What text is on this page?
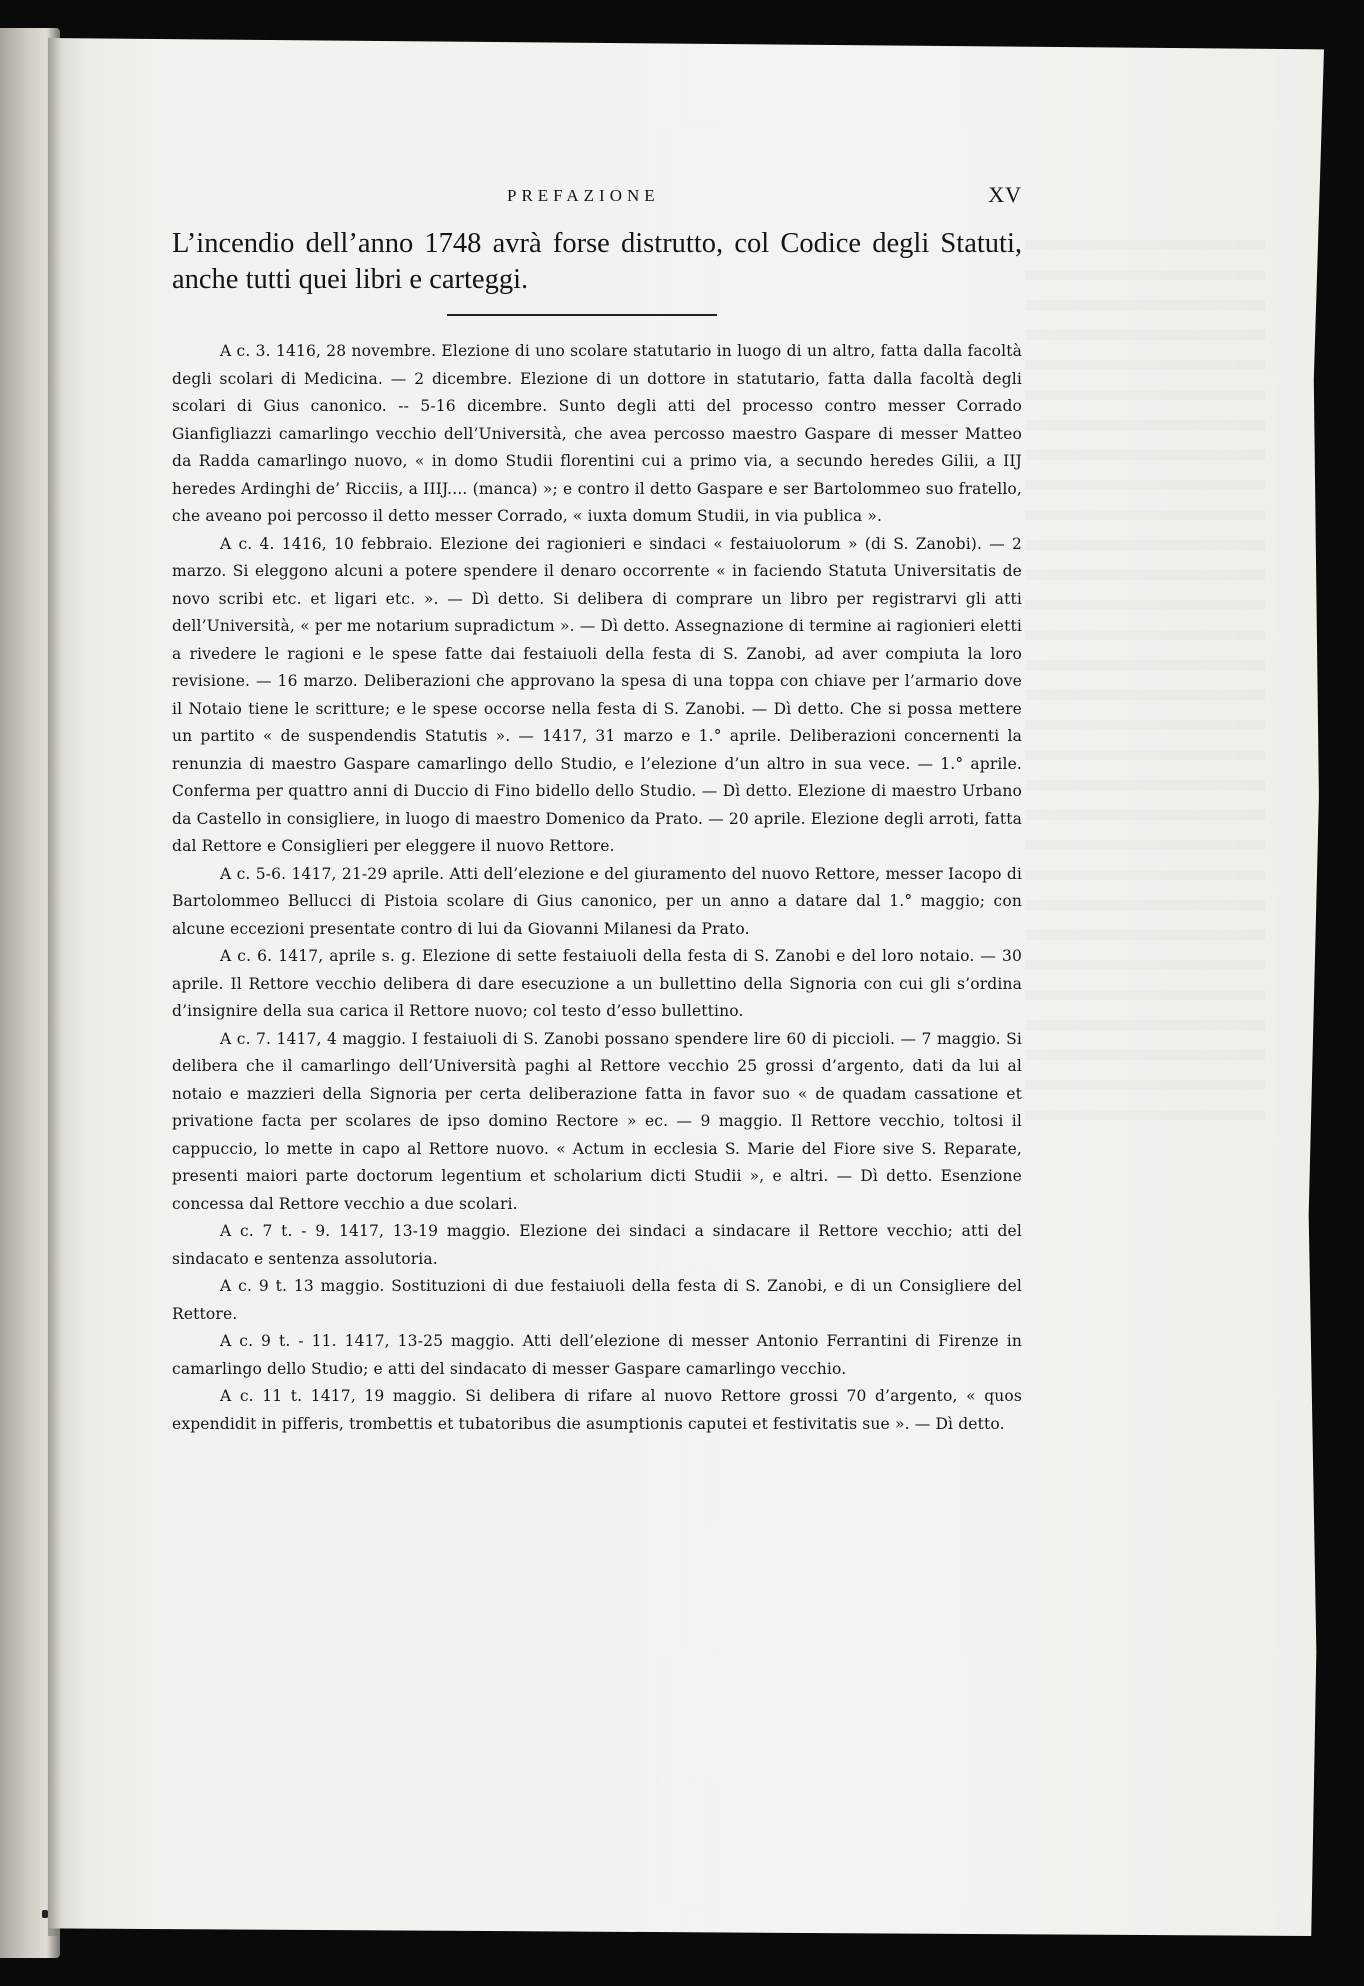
PREFAZIONE	XV
L’incendio dell’anno 1748 avrà forse distrutto, col Codice degli Statuti, anche tutti quei libri e carteggi.

A c. 3. 1416, 28 novembre. Elezione di uno scolare statutario in luogo di un altro, fatta dalla facoltà degli scolari di Medicina. — 2 dicembre. Elezione di un dottore in statutario, fatta dalla facoltà degli scolari di Gius canonico. -- 5-16 dicembre. Sunto degli atti del processo contro messer Corrado Gianfigliazzi camarlingo vecchio dell’Università, che avea percosso maestro Gaspare di messer Matteo da Radda camarlingo nuovo, « in domo Studii florentini cui a primo via, a secundo heredes Gilii, a IIJ heredes Ardinghi de’ Ricciis, a IIIJ.... (manca) »; e contro il detto Gaspare e ser Bartolommeo suo fratello, che aveano poi percosso il detto messer Corrado, « iuxta domum Studii, in via publica ».

A c. 4. 1416, 10 febbraio. Elezione dei ragionieri e sindaci « festaiuolorum » (di S. Zanobi). — 2 marzo. Si eleggono alcuni a potere spendere il denaro occorrente « in faciendo Statuta Universitatis de novo scribi etc. et ligari etc. ». — Dì detto. Si delibera di comprare un libro per registrarvi gli atti dell’Università, « per me notarium supradictum ». — Dì detto. Assegnazione di termine ai ragionieri eletti a rivedere le ragioni e le spese fatte dai festaiuoli della festa di S. Zanobi, ad aver compiuta la loro revisione. — 16 marzo. Deliberazioni che approvano la spesa di una toppa con chiave per l’armario dove il Notaio tiene le scritture; e le spese occorse nella festa di S. Zanobi. — Dì detto. Che si possa mettere un partito « de suspendendis Statutis ». — 1417, 31 marzo e 1.° aprile. Deliberazioni concernenti la renunzia di maestro Gaspare camarlingo dello Studio, e l’elezione d’un altro in sua vece. — 1.° aprile. Conferma per quattro anni di Duccio di Fino bidello dello Studio. — Dì detto. Elezione di maestro Urbano da Castello in consigliere, in luogo di maestro Domenico da Prato. — 20 aprile. Elezione degli arroti, fatta dal Rettore e Consiglieri per eleggere il nuovo Rettore.

A c. 5-6. 1417, 21-29 aprile. Atti dell’elezione e del giuramento del nuovo Rettore, messer Iacopo di Bartolommeo Bellucci di Pistoia scolare di Gius canonico, per un anno a datare dal 1.° maggio; con alcune eccezioni presentate contro di lui da Giovanni Milanesi da Prato.

A c. 6. 1417, aprile s. g. Elezione di sette festaiuoli della festa di S. Zanobi e del loro notaio. — 30 aprile. Il Rettore vecchio delibera di dare esecuzione a un bullettino della Signoria con cui gli s’ordina d’insignire della sua carica il Rettore nuovo; col testo d’esso bullettino.

A c. 7. 1417, 4 maggio. I festaiuoli di S. Zanobi possano spendere lire 60 di piccioli. — 7 maggio. Si delibera che il camarlingo dell’Università paghi al Rettore vecchio 25 grossi d’argento, dati da lui al notaio e mazzieri della Signoria per certa deliberazione fatta in favor suo « de quadam cassatione et privatione facta per scolares de ipso domino Rectore » ec. — 9 maggio. Il Rettore vecchio, toltosi il cappuccio, lo mette in capo al Rettore nuovo. « Actum in ecclesia S. Marie del Fiore sive S. Reparate, presenti maiori parte doctorum legentium et scholarium dicti Studii », e altri. — Dì detto. Esenzione concessa dal Rettore vecchio a due scolari.

A c. 7 t. - 9. 1417, 13-19 maggio. Elezione dei sindaci a sindacare il Rettore vecchio; atti del sindacato e sentenza assolutoria.

A c. 9 t. 13 maggio. Sostituzioni di due festaiuoli della festa di S. Zanobi, e di un Consigliere del Rettore.

A c. 9 t. - 11. 1417, 13-25 maggio. Atti dell’elezione di messer Antonio Ferrantini di Firenze in camarlingo dello Studio; e atti del sindacato di messer Gaspare camarlingo vecchio.

A c. 11 t. 1417, 19 maggio. Si delibera di rifare al nuovo Rettore grossi 70 d’argento, « quos expendidit in pifferis, trombettis et tubatoribus die asumptionis caputei et festivitatis sue ». — Dì detto.
